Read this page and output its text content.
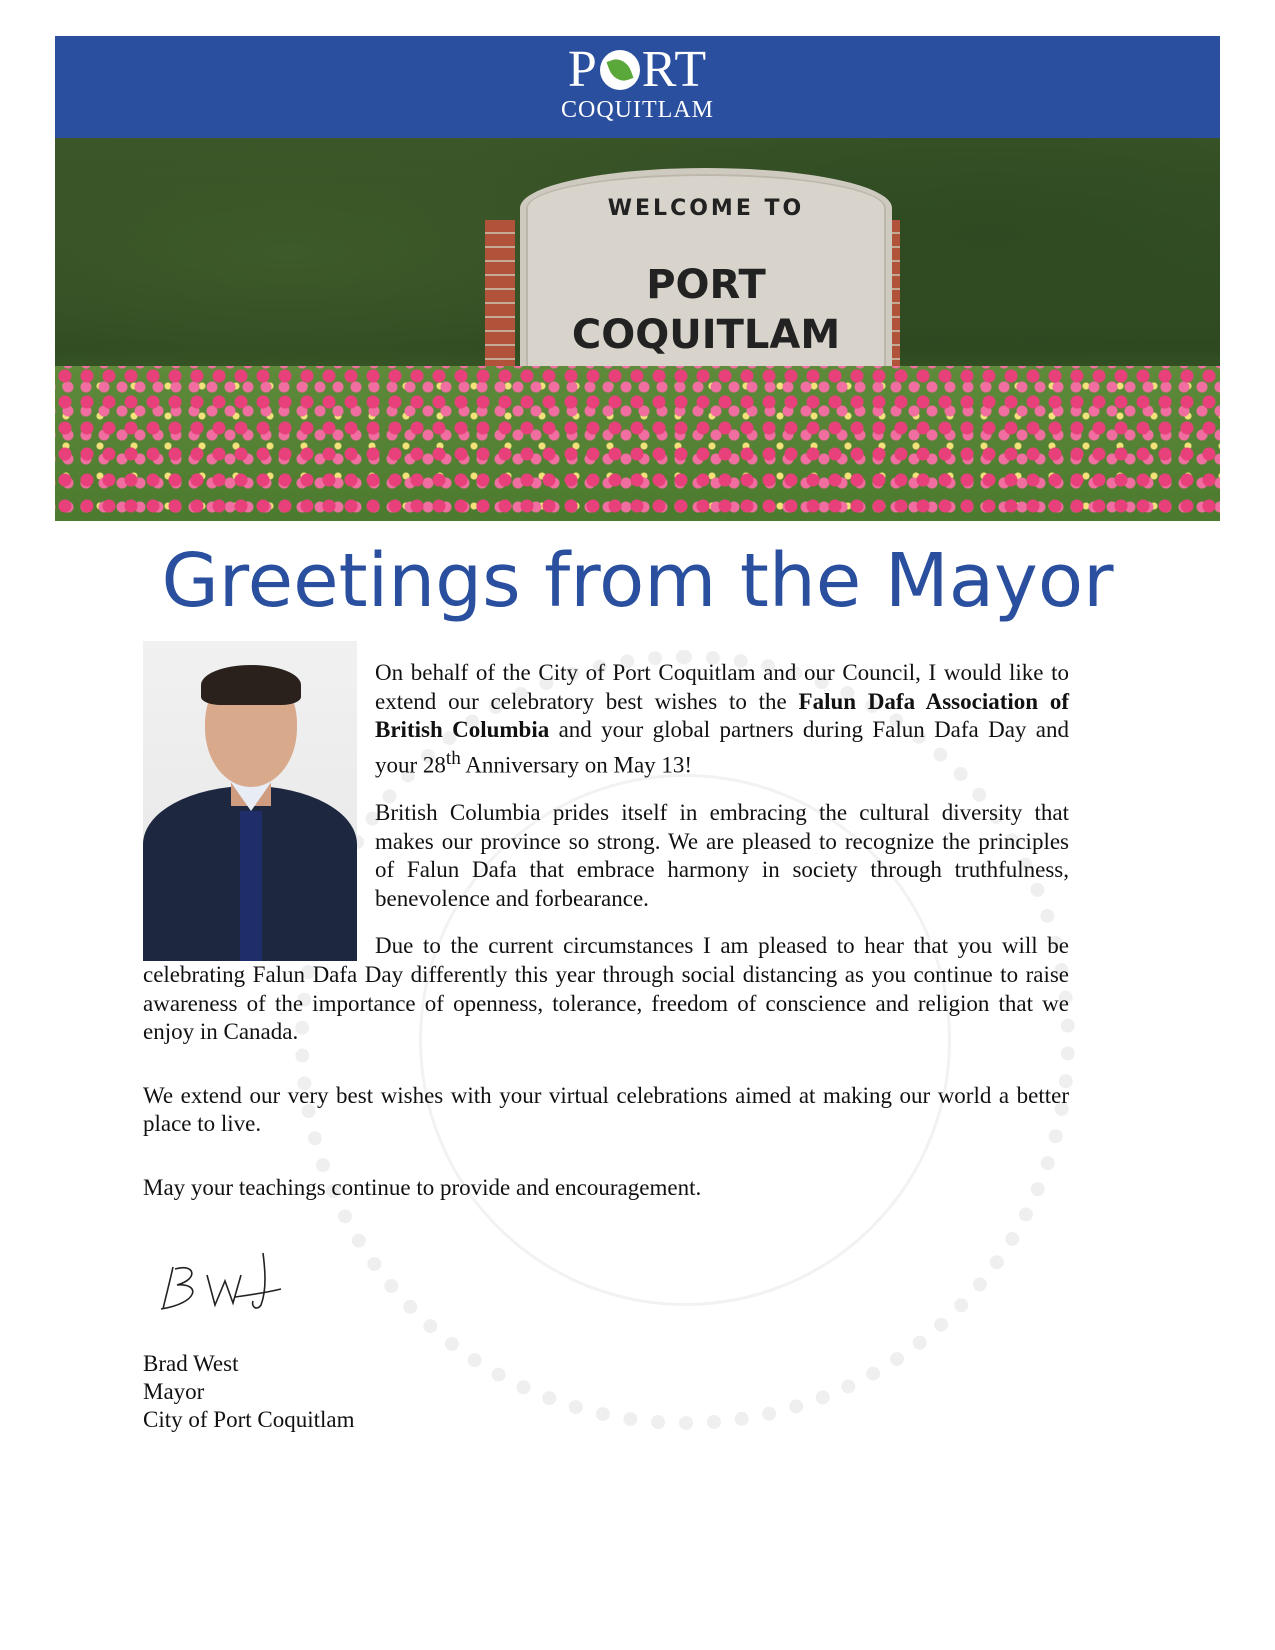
P RT
COQUITLAM
WELCOME TO
PORT
COQUITLAM
Greetings from the Mayor

On behalf of the City of Port Coquitlam and our Council, I would like to extend our celebratory best wishes to the Falun Dafa Association of British Columbia and your global partners during Falun Dafa Day and your 28th Anniversary on May 13!

British Columbia prides itself in embracing the cultural diversity that makes our province so strong. We are pleased to recognize the principles of Falun Dafa that embrace harmony in society through truthfulness, benevolence and forbearance.

Due to the current circumstances I am pleased to hear that you will be celebrating Falun Dafa Day differently this year through social distancing as you continue to raise awareness of the importance of openness, tolerance, freedom of conscience and religion that we enjoy in Canada.

We extend our very best wishes with your virtual celebrations aimed at making our world a better place to live.

May your teachings continue to provide and encouragement.

Brad West
Mayor
City of Port Coquitlam
